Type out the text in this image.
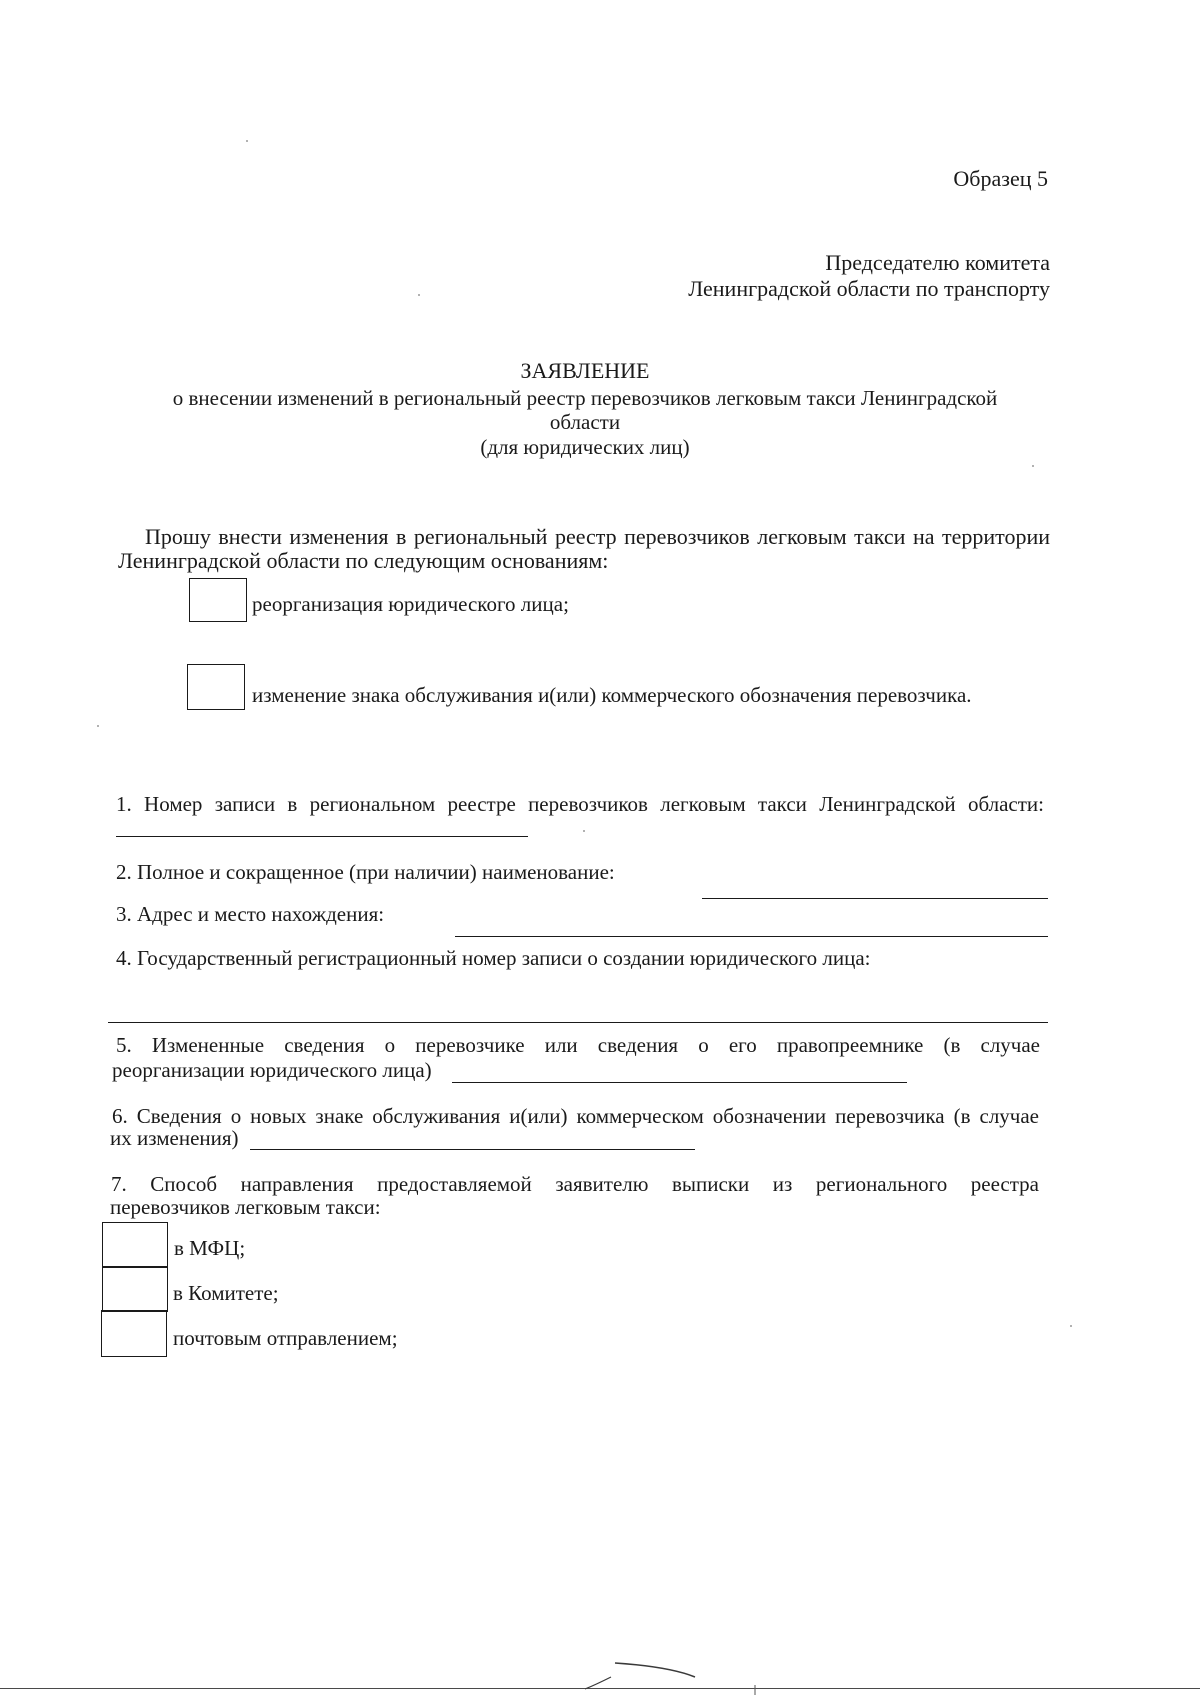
Образец 5
Председателю комитета
Ленинградской области по транспорту
ЗАЯВЛЕНИЕ
о внесении изменений в региональный реестр перевозчиков легковым такси Ленинградской
области
(для юридических лиц)
Прошу внести изменения в региональный реестр перевозчиков легковым такси на территории
Ленинградской области по следующим основаниям:
реорганизация юридического лица;
изменение знака обслуживания и(или) коммерческого обозначения перевозчика.
1. Номер записи в региональном реестре перевозчиков легковым такси Ленинградской области:
2. Полное и сокращенное (при наличии) наименование:
3. Адрес и место нахождения:
4. Государственный регистрационный номер записи о создании юридического лица:
5. Измененные сведения о перевозчике или сведения о его правопреемнике (в случае
реорганизации юридического лица)
6. Сведения о новых знаке обслуживания и(или) коммерческом обозначении перевозчика (в случае
их изменения)
7. Способ направления предоставляемой заявителю выписки из регионального реестра
перевозчиков легковым такси:
в МФЦ;
в Комитете;
почтовым отправлением;
